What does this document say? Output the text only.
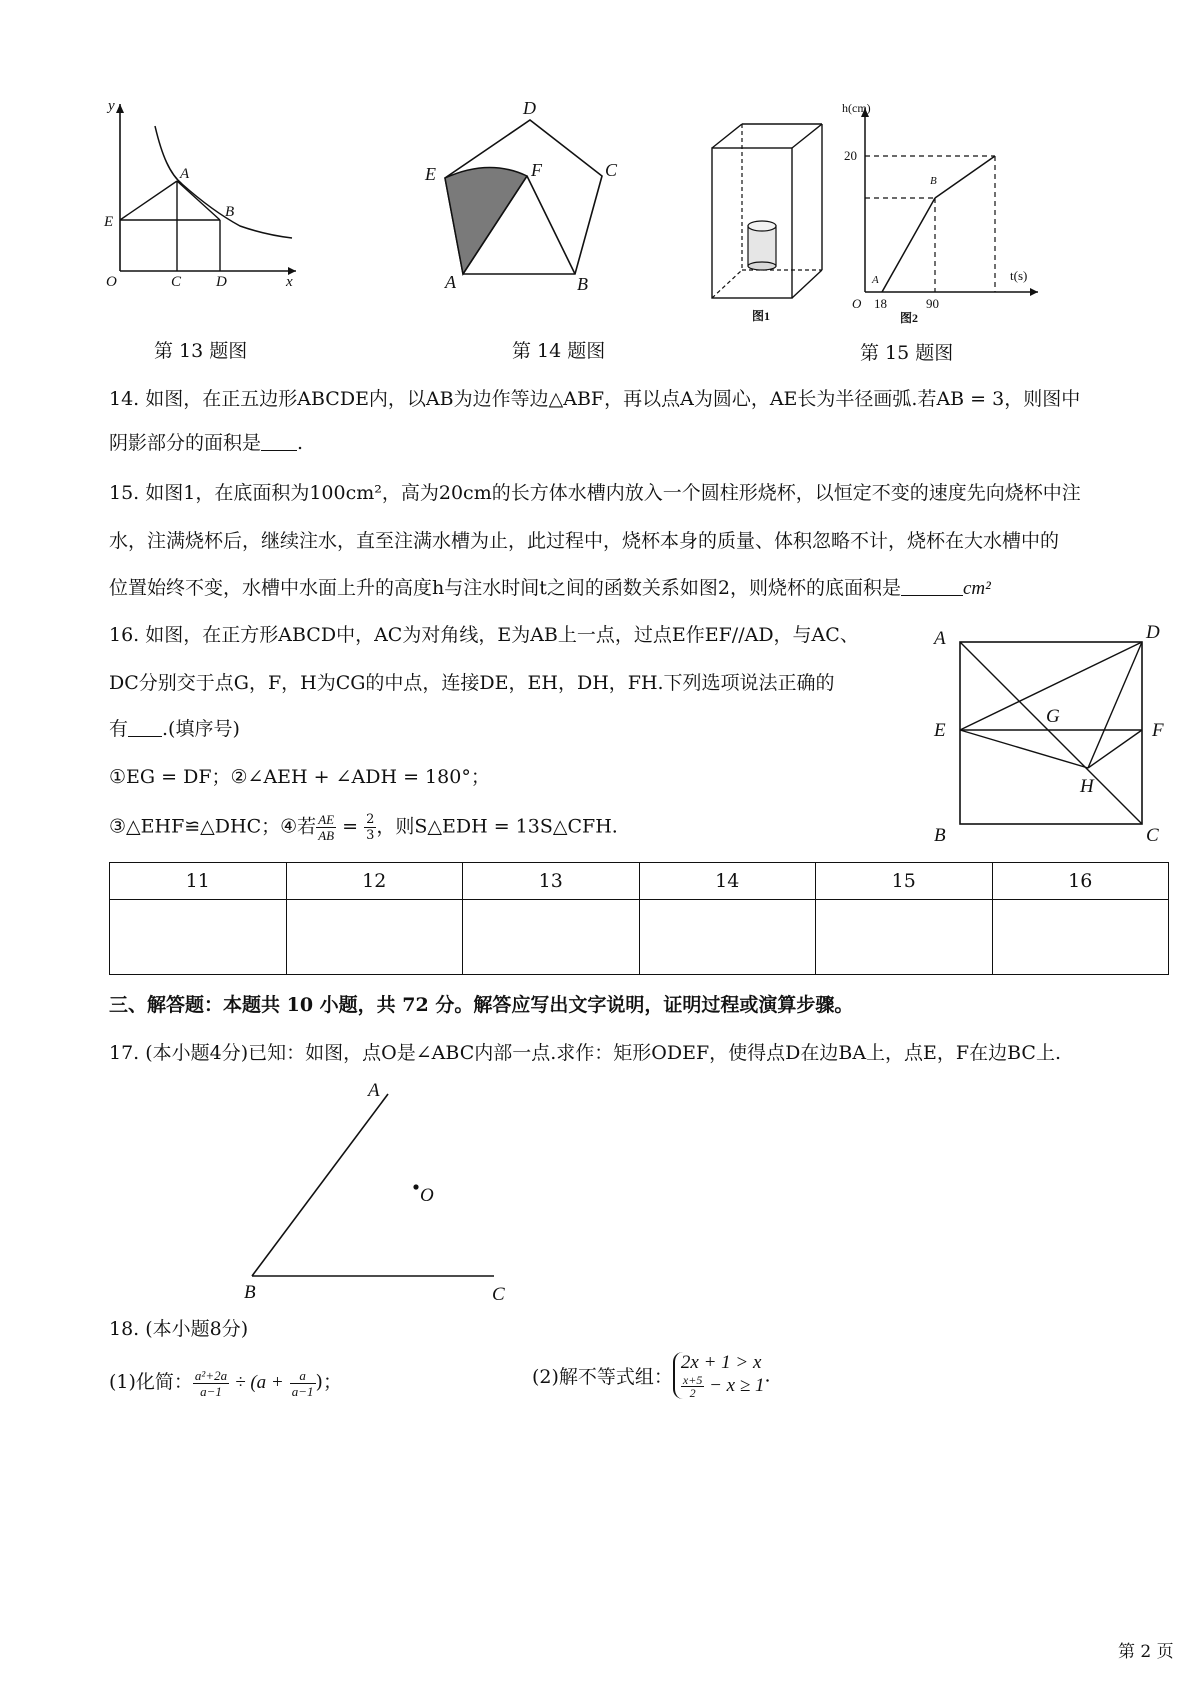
y
x
O
A
B
C D
E
第 13 题图
D
C
B
A
E	F
第 14 题图
图1
h(cm)
t(s)
20
O 18	90
A
B
图2
第 15 题图
14. 如图，在正五边形ABCDE内，以AB为边作等边△ABF，再以点A为圆心，AE长为半径画弧.若AB = 3，则图中
阴影部分的面积是 .
15. 如图1，在底面积为100cm²，高为20cm的长方体水槽内放入一个圆柱形烧杯，以恒定不变的速度先向烧杯中注
水，注满烧杯后，继续注水，直至注满水槽为止，此过程中，烧杯本身的质量、体积忽略不计，烧杯在大水槽中的
位置始终不变，水槽中水面上升的高度h与注水时间t之间的函数关系如图2，则烧杯的底面积是	cm²
16. 如图，在正方形ABCD中，AC为对角线，E为AB上一点，过点E作EF//AD，与AC、
DC分别交于点G，F，H为CG的中点，连接DE，EH，DH，FH.下列选项说法正确的
有 .(填序号)
①EG = DF；②∠AEH + ∠ADH = 180°；
③△EHF≌△DHC；④若 $\frac{AE}{AB} = \frac{2}{3}$ ，则S△EDH = 13S△CFH.
A
B	C
D
E	F
G
H
11	12	13	14	15	16

三、解答题：本题共 10 小题，共 72 分。解答应写出文字说明，证明过程或演算步骤。
17. (本小题4分)已知：如图，点O是∠ABC内部一点.求作：矩形ODEF，使得点D在边BA上，点E，F在边BC上.
A
B	C
O
18. (本小题8分)
(1)化简： $\frac{\text{a²+2a}}{a-1} \div (a + \frac{a}{a-1}$ )；	(2)解不等式组：
2x + 1 > x
$\frac{x+5}{2} - x \ge 1$ .
第 2 页
